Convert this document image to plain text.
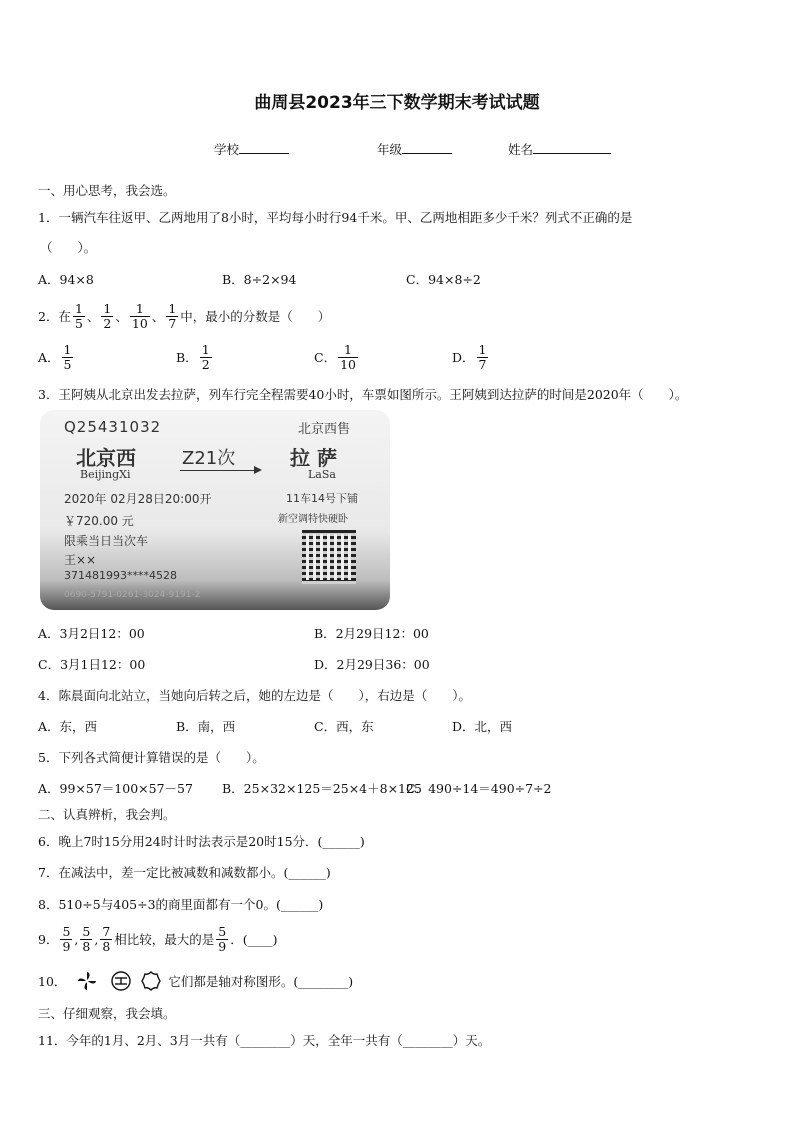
曲周县2023年三下数学期末考试试题
学校	年级	姓名
一、用心思考，我会选。
1．一辆汽车往返甲、乙两地用了8小时，平均每小时行94千米。甲、乙两地相距多少千米？列式不正确的是
（　　）。
A．94×8	B．8÷2×94	C．94×8÷2
2．在 $\frac{1}{5}$ 、 $\frac{1}{2}$ 、 $\frac{1}{10}$ 、 $\frac{1}{7}$ 中，最小的分数是（　　）
A． $\frac{1}{5}$	B． $\frac{1}{2}$	C． $\frac{1}{10}$	D． $\frac{1}{7}$
3．王阿姨从北京出发去拉萨，列车行完全程需要40小时，车票如图所示。王阿姨到达拉萨的时间是2020年（　　）。
Q25431032	北京西售
北京西
BeijingXi
Z21次	拉 萨
LaSa
2020年 02月28日20:00开	11车14号下铺
￥720.00 元	新空调特快硬卧
限乘当日当次车
王××
371481993****4528
0690-5791-0261-3024-9191-2
A．3月2日12：00	B．2月29日12：00
C．3月1日12：00	D．2月29日36：00
4．陈晨面向北站立，当她向后转之后，她的左边是（　　），右边是（　　）。
A．东，西	B．南，西	C．西，东	D．北，西
5．下列各式简便计算错误的是（　　）。
A．99×57＝100×57－57 B．25×32×125＝25×4＋8×125
C．490÷14＝490÷7÷2
二、认真辨析，我会判。
6．晚上7时15分用24时计时法表示是20时15分．(______)
7．在减法中，差一定比被减数和减数都小。(______)
8．510÷5与405÷3的商里面都有一个0。(______)
9． $\frac{5}{9}$ , $\frac{5}{8}$ , $\frac{7}{8}$ 相比较，最大的是 $\frac{5}{9}$ ．(____)
10．	它们都是轴对称图形。(________)
三、仔细观察，我会填。
11．今年的1月、2月、3月一共有（________）天，全年一共有（________）天。
